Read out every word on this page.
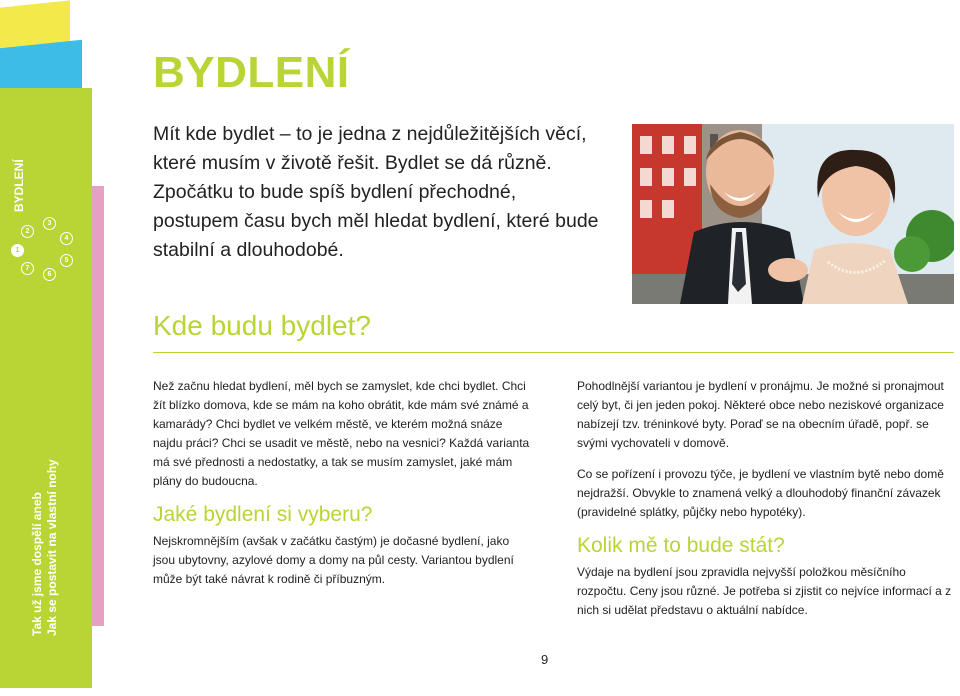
BYDLENÍ
1
2
3
4
5
6
7
Tak už jsme dospělí aneb Jak se postavit na vlastní nohy
BYDLENÍ

Mít kde bydlet – to je jedna z nejdůležitějších věcí, které musím v životě řešit. Bydlet se dá různě. Zpočátku to bude spíš bydlení přechodné, postupem času bych měl hledat bydlení, které bude stabilní a dlouhodobé.

Kde budu bydlet?

Než začnu hledat bydlení, měl bych se zamyslet, kde chci bydlet. Chci žít blízko domova, kde se mám na koho obrátit, kde mám své známé a kamarády? Chci bydlet ve velkém městě, ve kterém možná snáze najdu práci? Chci se usadit ve městě, nebo na vesnici? Každá varianta má své přednosti a nedostatky, a tak se musím zamyslet, jaké mám plány do budoucna.

Jaké bydlení si vyberu?

Nejskromnějším (avšak v začátku častým) je dočasné bydlení, jako jsou ubytovny, azylové domy a domy na půl cesty. Variantou bydlení může být také návrat k rodině či příbuzným.

Pohodlnější variantou je bydlení v pronájmu. Je možné si pronajmout celý byt, či jen jeden pokoj. Některé obce nebo neziskové organizace nabízejí tzv. tréninkové byty. Poraď se na obecním úřadě, popř. se svými vychovateli v domově.

Co se pořízení i provozu týče, je bydlení ve vlastním bytě nebo domě nejdražší. Obvykle to znamená velký a dlouhodobý finanční závazek (pravidelné splátky, půjčky nebo hypotéky).

Kolik mě to bude stát?

Výdaje na bydlení jsou zpravidla nejvyšší položkou měsíčního rozpočtu. Ceny jsou různé. Je potřeba si zjistit co nejvíce informací a z nich si udělat představu o aktuální nabídce.

9
